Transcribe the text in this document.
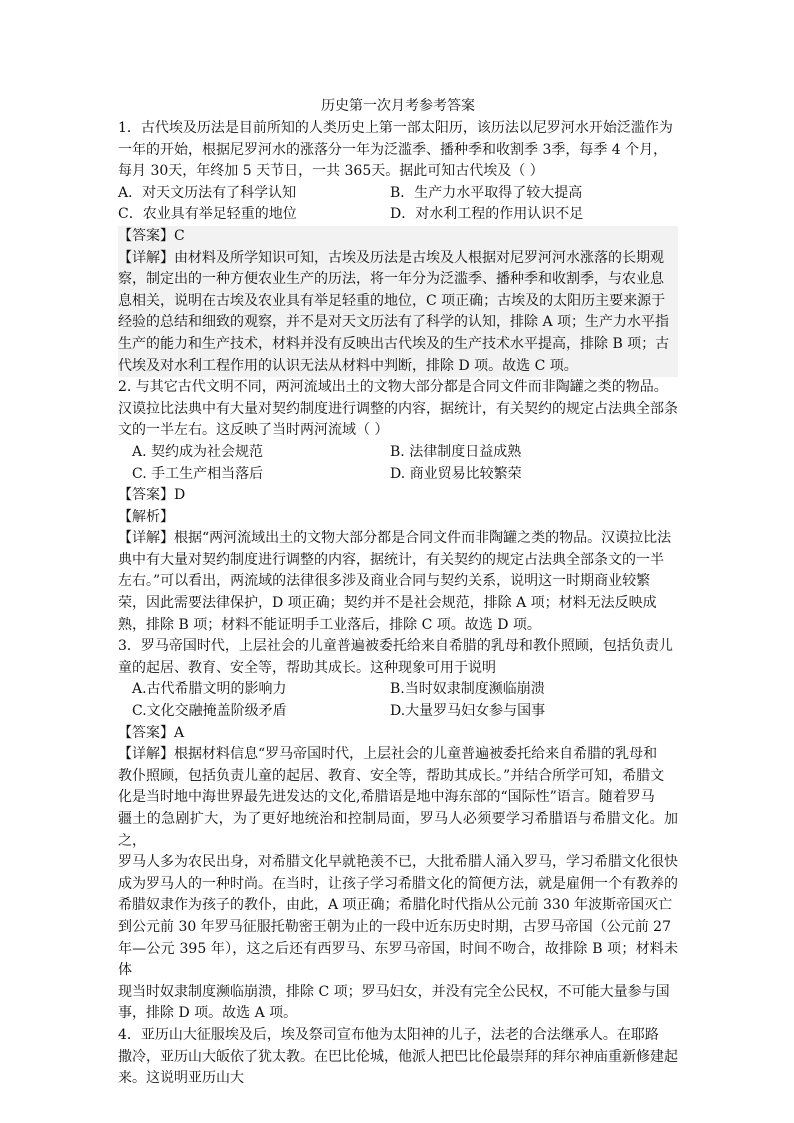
历史第一次月考参考答案

1．古代埃及历法是目前所知的人类历史上第一部太阳历，该历法以尼罗河水开始泛滥作为

一年的开始，根据尼罗河水的涨落分一年为泛滥季、播种季和收割季 3季，每季 4 个月，

每月 30天，年终加 5 天节日，一共 365天。据此可知古代埃及（ ）

A．对天文历法有了科学认知	B．生产力水平取得了较大提高
C．农业具有举足轻重的地位	D．对水利工程的作用认识不足

【答案】C

【详解】由材料及所学知识可知，古埃及历法是古埃及人根据对尼罗河河水涨落的长期观

察，制定出的一种方便农业生产的历法，将一年分为泛滥季、播种季和收割季，与农业息

息相关，说明在古埃及农业具有举足轻重的地位，C 项正确；古埃及的太阳历主要来源于

经验的总结和细致的观察，并不是对天文历法有了科学的认知，排除 A 项；生产力水平指

生产的能力和生产技术，材料并没有反映出古代埃及的生产技术水平提高，排除 B 项；古

代埃及对水利工程作用的认识无法从材料中判断，排除 D 项。故选 C 项。

2. 与其它古代文明不同，两河流域出土的文物大部分都是合同文件而非陶罐之类的物品。

汉谟拉比法典中有大量对契约制度进行调整的内容，据统计，有关契约的规定占法典全部条

文的一半左右。这反映了当时两河流域（ ）

A. 契约成为社会规范	B. 法律制度日益成熟
C. 手工生产相当落后	D. 商业贸易比较繁荣

【答案】D

【解析】

【详解】根据“两河流域出土的文物大部分都是合同文件而非陶罐之类的物品。汉谟拉比法

典中有大量对契约制度进行调整的内容，据统计，有关契约的规定占法典全部条文的一半

左右。”可以看出，两流域的法律很多涉及商业合同与契约关系，说明这一时期商业较繁

荣，因此需要法律保护，D 项正确；契约并不是社会规范，排除 A 项；材料无法反映成

熟，排除 B 项；材料不能证明手工业落后，排除 C 项。故选 D 项。

3．罗马帝国时代，上层社会的儿童普遍被委托给来自希腊的乳母和教仆照顾，包括负责儿

童的起居、教育、安全等，帮助其成长。这种现象可用于说明

A.古代希腊文明的影响力	B.当时奴隶制度濒临崩溃
C.文化交融掩盖阶级矛盾	D.大量罗马妇女参与国事

【答案】A

【详解】根据材料信息“罗马帝国时代，上层社会的儿童普遍被委托给来自希腊的乳母和

教仆照顾，包括负责儿童的起居、教育、安全等，帮助其成长。”并结合所学可知，希腊文

化是当时地中海世界最先进发达的文化,希腊语是地中海东部的“国际性”语言。随着罗马

疆土的急剧扩大，为了更好地统治和控制局面，罗马人必须要学习希腊语与希腊文化。加之，

罗马人多为农民出身，对希腊文化早就艳羡不已，大批希腊人涌入罗马，学习希腊文化很快

成为罗马人的一种时尚。在当时，让孩子学习希腊文化的简便方法，就是雇佣一个有教养的

希腊奴隶作为孩子的教仆，由此，A 项正确；希腊化时代指从公元前 330 年波斯帝国灭亡

到公元前 30 年罗马征服托勒密王朝为止的一段中近东历史时期，古罗马帝国（公元前 27

年—公元 395 年），这之后还有西罗马、东罗马帝国，时间不吻合，故排除 B 项；材料未体

现当时奴隶制度濒临崩溃，排除 C 项；罗马妇女，并没有完全公民权，不可能大量参与国

事，排除 D 项。故选 A 项。

4．亚历山大征服埃及后，埃及祭司宣布他为太阳神的儿子，法老的合法继承人。在耶路

撒冷，亚历山大皈依了犹太教。在巴比伦城，他派人把巴比伦最崇拜的拜尔神庙重新修建起

来。这说明亚历山大
